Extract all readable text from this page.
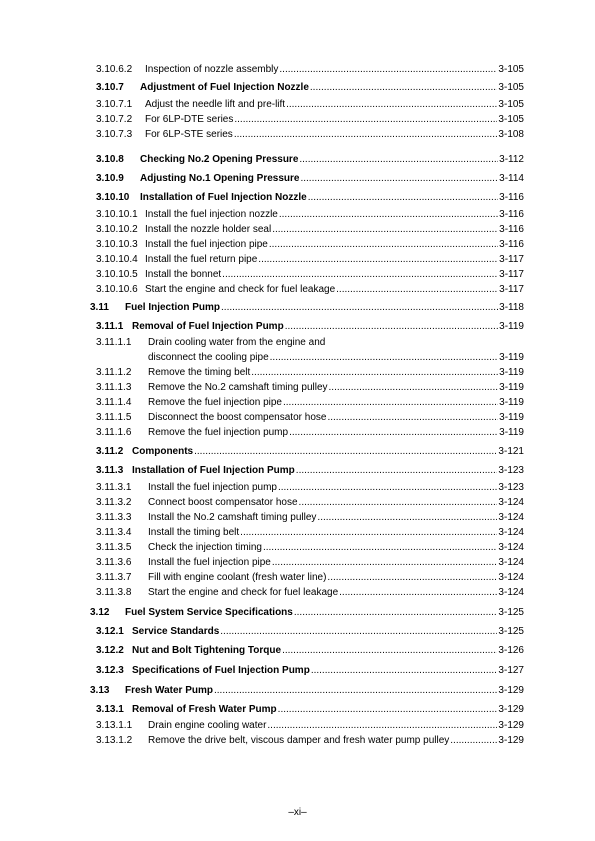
3.10.6.2	Inspection of nozzle assembly .....	3-105
3.10.7	Adjustment of Fuel Injection Nozzle .....	3-105
3.10.7.1	Adjust the needle lift and pre-lift .....	3-105
3.10.7.2	For 6LP-DTE series .....	3-105
3.10.7.3	For 6LP-STE series .....	3-108
3.10.8	Checking No.2 Opening Pressure .....	3-112
3.10.9	Adjusting No.1 Opening Pressure .....	3-114
3.10.10	Installation of Fuel Injection Nozzle .....	3-116
3.10.10.1 Install the fuel injection nozzle .....	3-116
3.10.10.2 Install the nozzle holder seal .....	3-116
3.10.10.3 Install the fuel injection pipe .....	3-116
3.10.10.4 Install the fuel return pipe .....	3-117
3.10.10.5 Install the bonnet .....	3-117
3.10.10.6 Start the engine and check for fuel leakage .....	3-117
3.11	Fuel Injection Pump .....	3-118
3.11.1 Removal of Fuel Injection Pump .....	3-119
3.11.1.1	Drain cooling water from the engine and
disconnect the cooling pipe .....	3-119
3.11.1.2	Remove the timing belt .....	3-119
3.11.1.3	Remove the No.2 camshaft timing pulley .....	3-119
3.11.1.4	Remove the fuel injection pipe .....	3-119
3.11.1.5	Disconnect the boost compensator hose .....	3-119
3.11.1.6	Remove the fuel injection pump .....	3-119
3.11.2 Components .....	3-121
3.11.3 Installation of Fuel Injection Pump .....	3-123
3.11.3.1	Install the fuel injection pump .....	3-123
3.11.3.2	Connect boost compensator hose .....	3-124
3.11.3.3	Install the No.2 camshaft timing pulley .....	3-124
3.11.3.4	Install the timing belt .....	3-124
3.11.3.5	Check the injection timing .....	3-124
3.11.3.6	Install the fuel injection pipe .....	3-124
3.11.3.7	Fill with engine coolant (fresh water line) .....	3-124
3.11.3.8	Start the engine and check for fuel leakage .....	3-124
3.12	Fuel System Service Specifications .....	3-125
3.12.1 Service Standards .....	3-125
3.12.2 Nut and Bolt Tightening Torque .....	3-126
3.12.3 Specifications of Fuel Injection Pump .....	3-127
3.13	Fresh Water Pump .....	3-129
3.13.1 Removal of Fresh Water Pump .....	3-129
3.13.1.1	Drain engine cooling water .....	3-129
3.13.1.2	Remove the drive belt, viscous damper and fresh water pump pulley .....	3-129
–xi–
